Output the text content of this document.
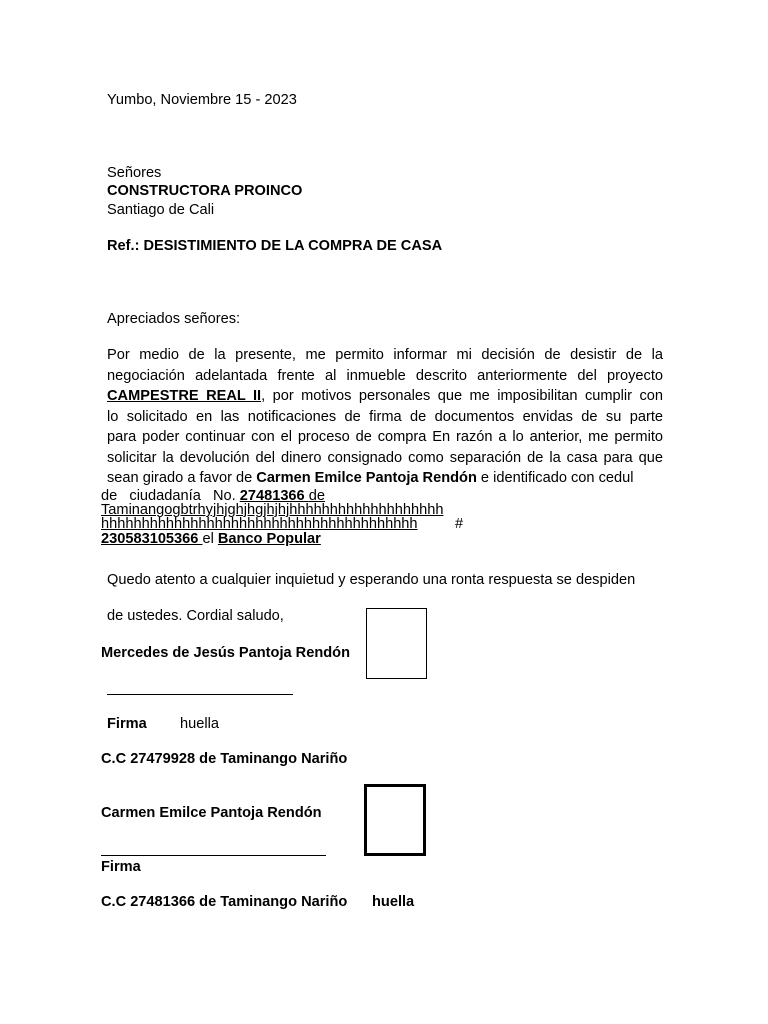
Yumbo, Noviembre 15 - 2023
Señores
CONSTRUCTORA PROINCO
Santiago de Cali
Ref.: DESISTIMIENTO DE LA COMPRA DE CASA
Apreciados señores:
Por medio de la presente, me permito informar mi decisión de desistir de la
negociación adelantada frente al inmueble descrito anteriormente del proyecto
CAMPESTRE REAL II, por motivos personales que me imposibilitan cumplir con
lo solicitado en las notificaciones de firma de documentos envidas de su parte
para poder continuar con el proceso de compra En razón a lo anterior, me permito
solicitar la devolución del dinero consignado como separación de la casa para que
sean girado a favor de Carmen Emilce Pantoja Rendón e identificado con cedul
de   ciudadanía   No. 27481366 de
Taminangogbtrhyjhjghjhgjhjhjhhhhhhhhhhhhhhhhhhh
hhhhhhhhhhhhhhhhhhhhhhhhhhhhhhhhhhhhhhh	#
230583105366 el Banco Popular
Quedo atento a cualquier inquietud y esperando una ronta respuesta se despiden
de ustedes. Cordial saludo,
Mercedes de Jesús Pantoja Rendón
Firma huella
C.C 27479928 de Taminango Nariño
Carmen Emilce Pantoja Rendón
Firma
C.C 27481366 de Taminango Nariño huella
